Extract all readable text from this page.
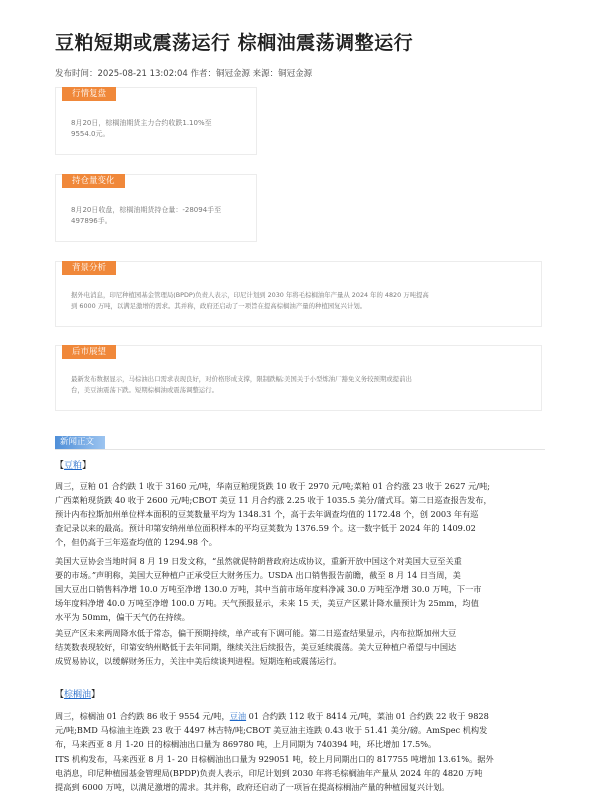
豆粕短期或震荡运行 棕榈油震荡调整运行
发布时间：2025-08-21 13:02:04 作者：铜冠金源 来源：铜冠金源
行情复盘
8月20日，棕榈油期货主力合约收跌1.10%至
9554.0元。
持仓量变化
8月20日收盘，棕榈油期货持仓量：-28094手至
497896手。
背景分析
据外电消息，印尼种植园基金管理局(BPDP)负责人表示，印尼计划到 2030 年将毛棕榈油年产量从 2024 年的 4820 万吨提高
到 6000 万吨，以满足激增的需求。其并称，政府还启动了一项旨在提高棕榈油产量的种植园复兴计划。
后市展望
最新发布数据显示，马棕油出口需求表现良好，对价格形成支撑，限制跌幅;美国关于小型炼油厂豁免义务较预期或提前出
台，美豆油震荡下跌。短期棕榈油或震荡调整运行。
新闻正文
【豆粕】
周三，豆粕 01 合约跌 1 收于 3160 元/吨，华南豆粕现货跌 10 收于 2970 元/吨;菜粕 01 合约涨 23 收于 2627 元/吨;
广西菜粕现货跌 40 收于 2600 元/吨;CBOT 美豆 11 月合约涨 2.25 收于 1035.5 美分/蒲式耳。第二日巡查报告发布，
预计内布拉斯加州单位样本面积的豆荚数量平均为 1348.31 个，高于去年调查均值的 1172.48 个，创 2003 年有巡
查记录以来的最高。预计印第安纳州单位面积样本的平均豆荚数为 1376.59 个。这一数字低于 2024 年的 1409.02
个，但仍高于三年巡查均值的 1294.98 个。
美国大豆协会当地时间 8 月 19 日发文称，“虽然就促特朗普政府达成协议，重新开放中国这个对美国大豆至关重
要的市场。”声明称，美国大豆种植户正承受巨大财务压力。USDA 出口销售报告前瞻，截至 8 月 14 日当周，美
国大豆出口销售料净增 10.0 万吨至净增 130.0 万吨，其中当前市场年度料净减 30.0 万吨至净增 30.0 万吨，下一市
场年度料净增 40.0 万吨至净增 100.0 万吨。天气预报显示，未来 15 天，美豆产区累计降水量预计为 25mm，均值
水平为 50mm，偏干天气仍在持续。
美豆产区未来两周降水低于常态，偏干预期持续，单产或有下调可能。第二日巡查结果显示，内布拉斯加州大豆
结荚数表现较好，印第安纳州略低于去年同期，继续关注后续报告，美豆延续震荡。美大豆种植户希望与中国达
成贸易协议，以缓解财务压力，关注中美后续谈判进程。短期连粕或震荡运行。
【棕榈油】
周三，棕榈油 01 合约跌 86 收于 9554 元/吨，豆油 01 合约跌 112 收于 8414 元/吨，菜油 01 合约跌 22 收于 9828
元/吨;BMD 马棕油主连跌 23 收于 4497 林吉特/吨;CBOT 美豆油主连跌 0.43 收于 51.41 美分/磅。AmSpec 机构发
布，马来西亚 8 月 1-20 日的棕榈油出口量为 869780 吨，上月同期为 740394 吨，环比增加 17.5%。
ITS 机构发布，马来西亚 8 月 1- 20 日棕榈油出口量为 929051 吨，较上月同期出口的 817755 吨增加 13.61%。据外
电消息，印尼种植园基金管理局(BPDP)负责人表示，印尼计划到 2030 年将毛棕榈油年产量从 2024 年的 4820 万吨
提高到 6000 万吨，以满足激增的需求。其并称，政府还启动了一项旨在提高棕榈油产量的种植园复兴计划。
